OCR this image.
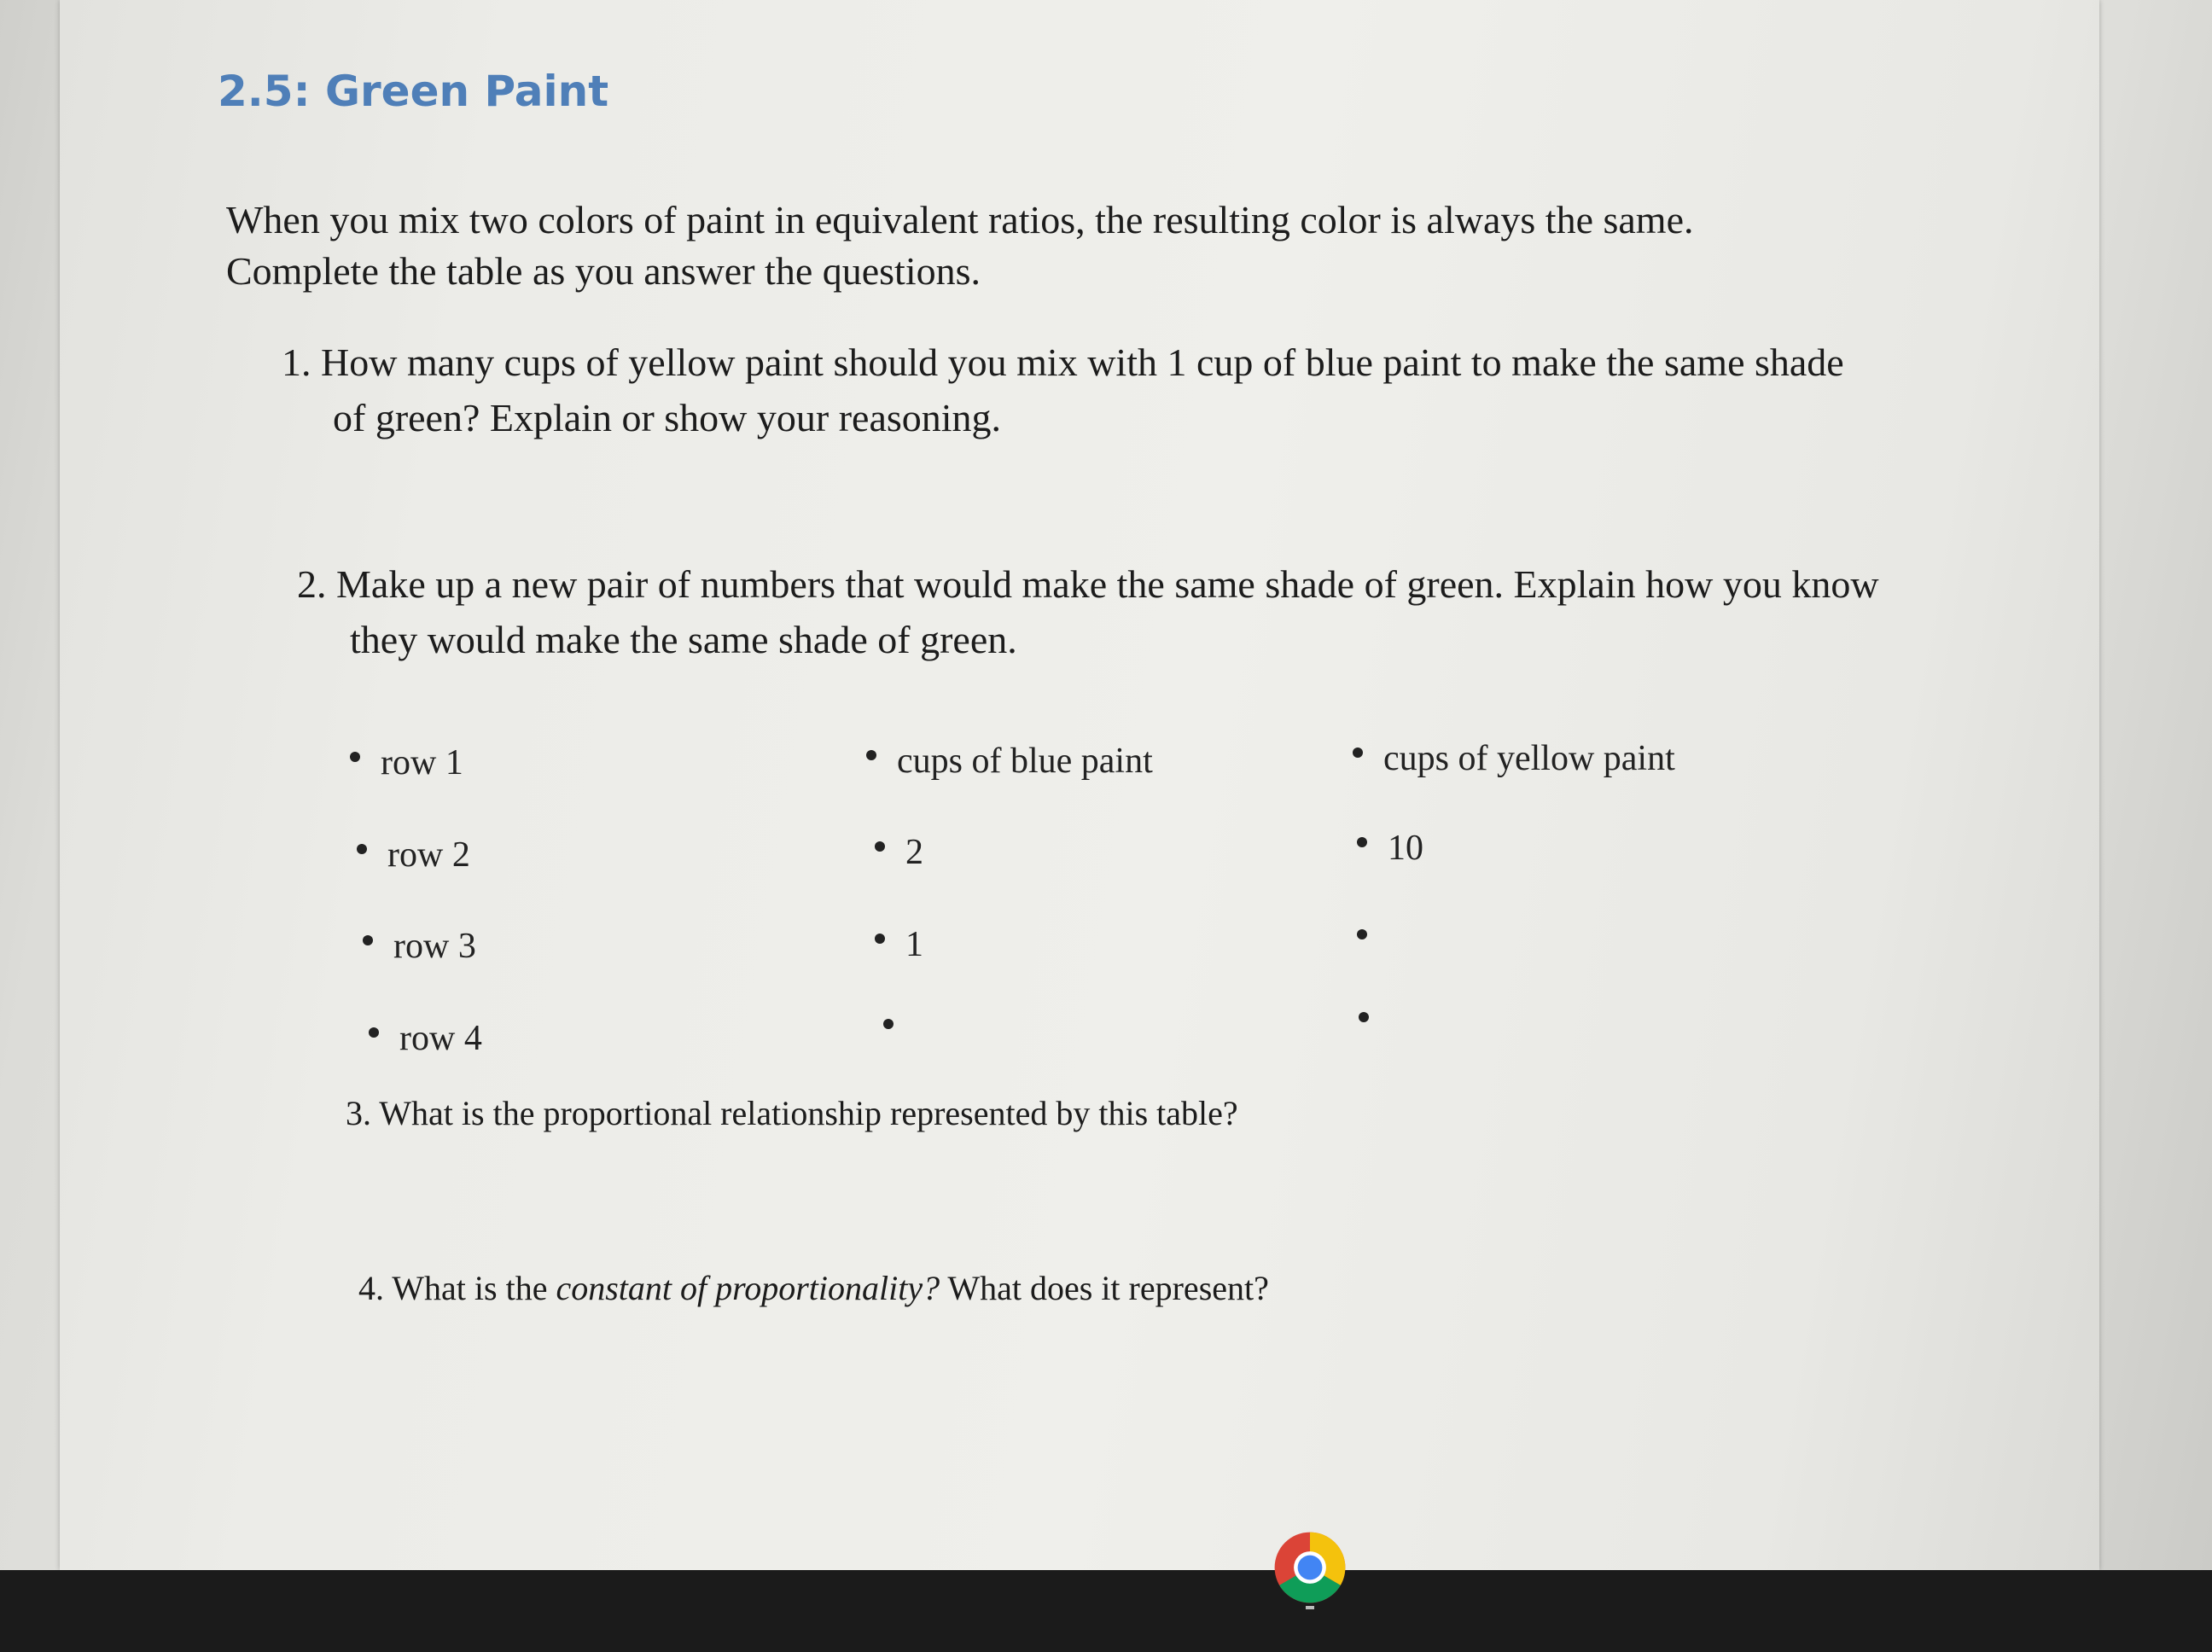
2.5: Green Paint
When you mix two colors of paint in equivalent ratios, the resulting color is always the same.
Complete the table as you answer the questions.
1. How many cups of yellow paint should you mix with 1 cup of blue paint to make the same shade
of green? Explain or show your reasoning.
2. Make up a new pair of numbers that would make the same shade of green. Explain how you know
they would make the same shade of green.
row 1	cups of blue paint	cups of yellow paint
row 2	2	10
row 3	1
row 4
3. What is the proportional relationship represented by this table?
4. What is the constant of proportionality? What does it represent?
